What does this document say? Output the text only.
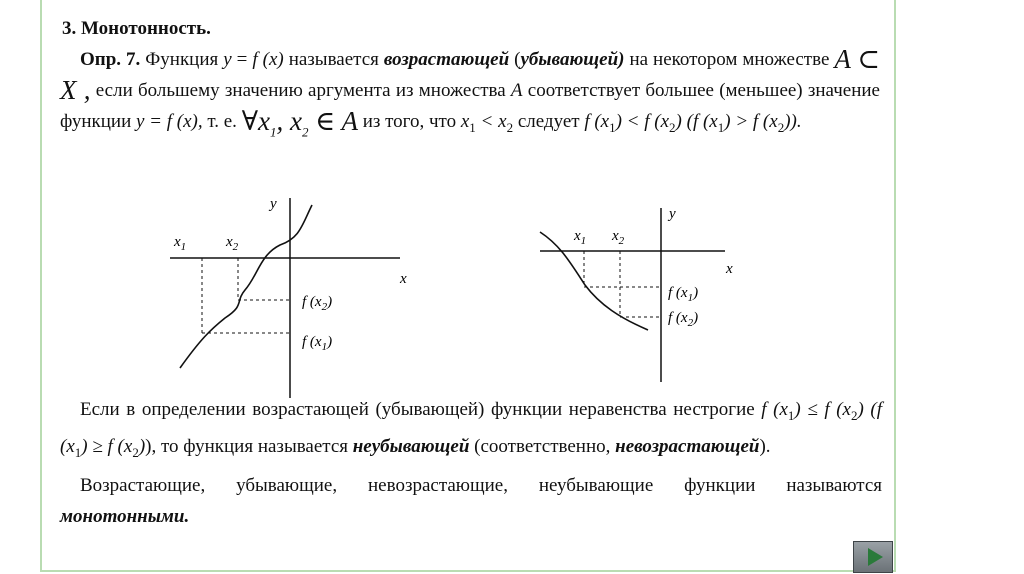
3. Монотонность.

Опр. 7. Функция y = f (x) называется возрастающей (убывающей) на некотором множестве A ⊂ X , если большему значению аргумента из множества A соответствует большее (меньшее) значение функции y = f (x), т. е. $\forall x_1$, $x_2$ ∈ A из того, что $x_1 < x_2$ следует f $(x_1) < f$ $(x_2)$ (f $(x_1) > f$ $(x_2)$).

y
x
$x_1$	$x_2$
f $(x_2)$
f $(x_1)$
y
x
$x_1$ $x_2$
f $(x_1)$
f $(x_2)$

Если в определении возрастающей (убывающей) функции неравенства нестрогие f $(x_1) \le f$ $(x_2)$ (f $(x_1) \ge f$ $(x_2)$), то функция называется неубывающей (соответственно, невозрастающей).

Возрастающие, убывающие, невозрастающие, неубывающие функции называются монотонными.
